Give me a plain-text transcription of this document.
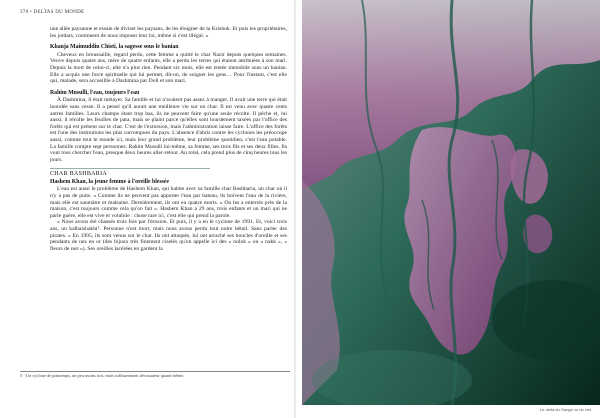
370 • DELTAS DU MONDE

une allée paysanne et essaie de diviser les paysans, de les éloigner de la Krishok. Et puis les propriétaires, les jotdars, continuent de nous imposer leur loi, même si c'est illégal. »

Khanja Maimuddin Chisti, la sagesse sous le banian

Cheveux en broussaille, regard perdu, cette femme a quitté le char Nazir depuis quelques semaines. Veuve depuis quatre ans, mère de quatre enfants, elle a perdu les terres qui étaient attribuées à son mari. Depuis la mort de celui-ci, elle n'a plus rien. Pendant six mois, elle est restée immobile sous un banian. Elle a acquis une force spirituelle qui lui permet, dit-on, de soigner les gens… Pour l'instant, c'est elle qui, malade, sera accueillie à Dashmina par Doli et son mari.

Rahim Musulli, l'eau, toujours l'eau

À Dashmina, il était métayer. Sa famille et lui n'avaient pas assez à manger. Il avait une terre qui était inondée sans cesse. Il a pensé qu'il aurait une meilleure vie sur un char. Il est venu avec quatre cents autres familles. Leurs champs étant trop bas, ils ne peuvent faire qu'une seule récolte. Il pêche et, lui aussi, il récolte les feuilles de pata, mais se plaint parce qu'elles sont lourdement taxées par l'office des forêts qui est présent sur le char. C'est de l'extorsion, mais l'administration laisse faire. L'office des forêts est l'une des institutions les plus corrompues du pays. L'absence d'abris contre les cyclones les préoccupe aussi, comme tout le monde ici, mais leur grand problème, leur problème quotidien, c'est l'eau potable. La famille compte sept personnes. Rahim Musulli lui-même, sa femme, ses trois fils et ses deux filles. Ils vont tous chercher l'eau, presque deux heures aller-retour. Au total, cela prend plus de cinq heures tous les jours.

CHAR BASHBARIA
Hashem Khan, la jeune femme à l'oreille blessée

L'eau est aussi le problème de Hashem Khan, qui habite avec sa famille char Bashbaria, un char où il n'y a pas de puits. « Comme ils ne peuvent pas apporter l'eau par bateau, ils boivent l'eau de la rivière, mais elle est saumâtre et malsaine. Dernièrement, ils ont eu quatre morts. » On les a enterrés près de la maison, c'est toujours comme cela qu'on fait ». Hashem Khan a 29 ans, trois enfants et un mari qui ne parle guère, elle est vive et volubile : chose rare ici, c'est elle qui prend la parole.

« Nous avons été chassés trois fois par l'érosion. Et puis, il y a eu le cyclone de 1991. Et, voici trois ans, un kalbaishakhi⁵. Personne n'est mort, mais nous avons perdu tout notre bétail. Sans parler des pirates. » En 1995, ils sont venus sur le char. Ils ont attaqués, lui ont arraché ses boucles d'oreille et ses pendants de nez en or (des bijoux très finement ciselés qu'on appelle ici des « nolok » ou « nakk », « fleurs de nez »). Ses oreilles lacérées en gardent la

5 - Un cyclone de printemps, un peu moins fort, mais suffisamment dévastateur quand même.
Le delta du Gange vu du ciel.
